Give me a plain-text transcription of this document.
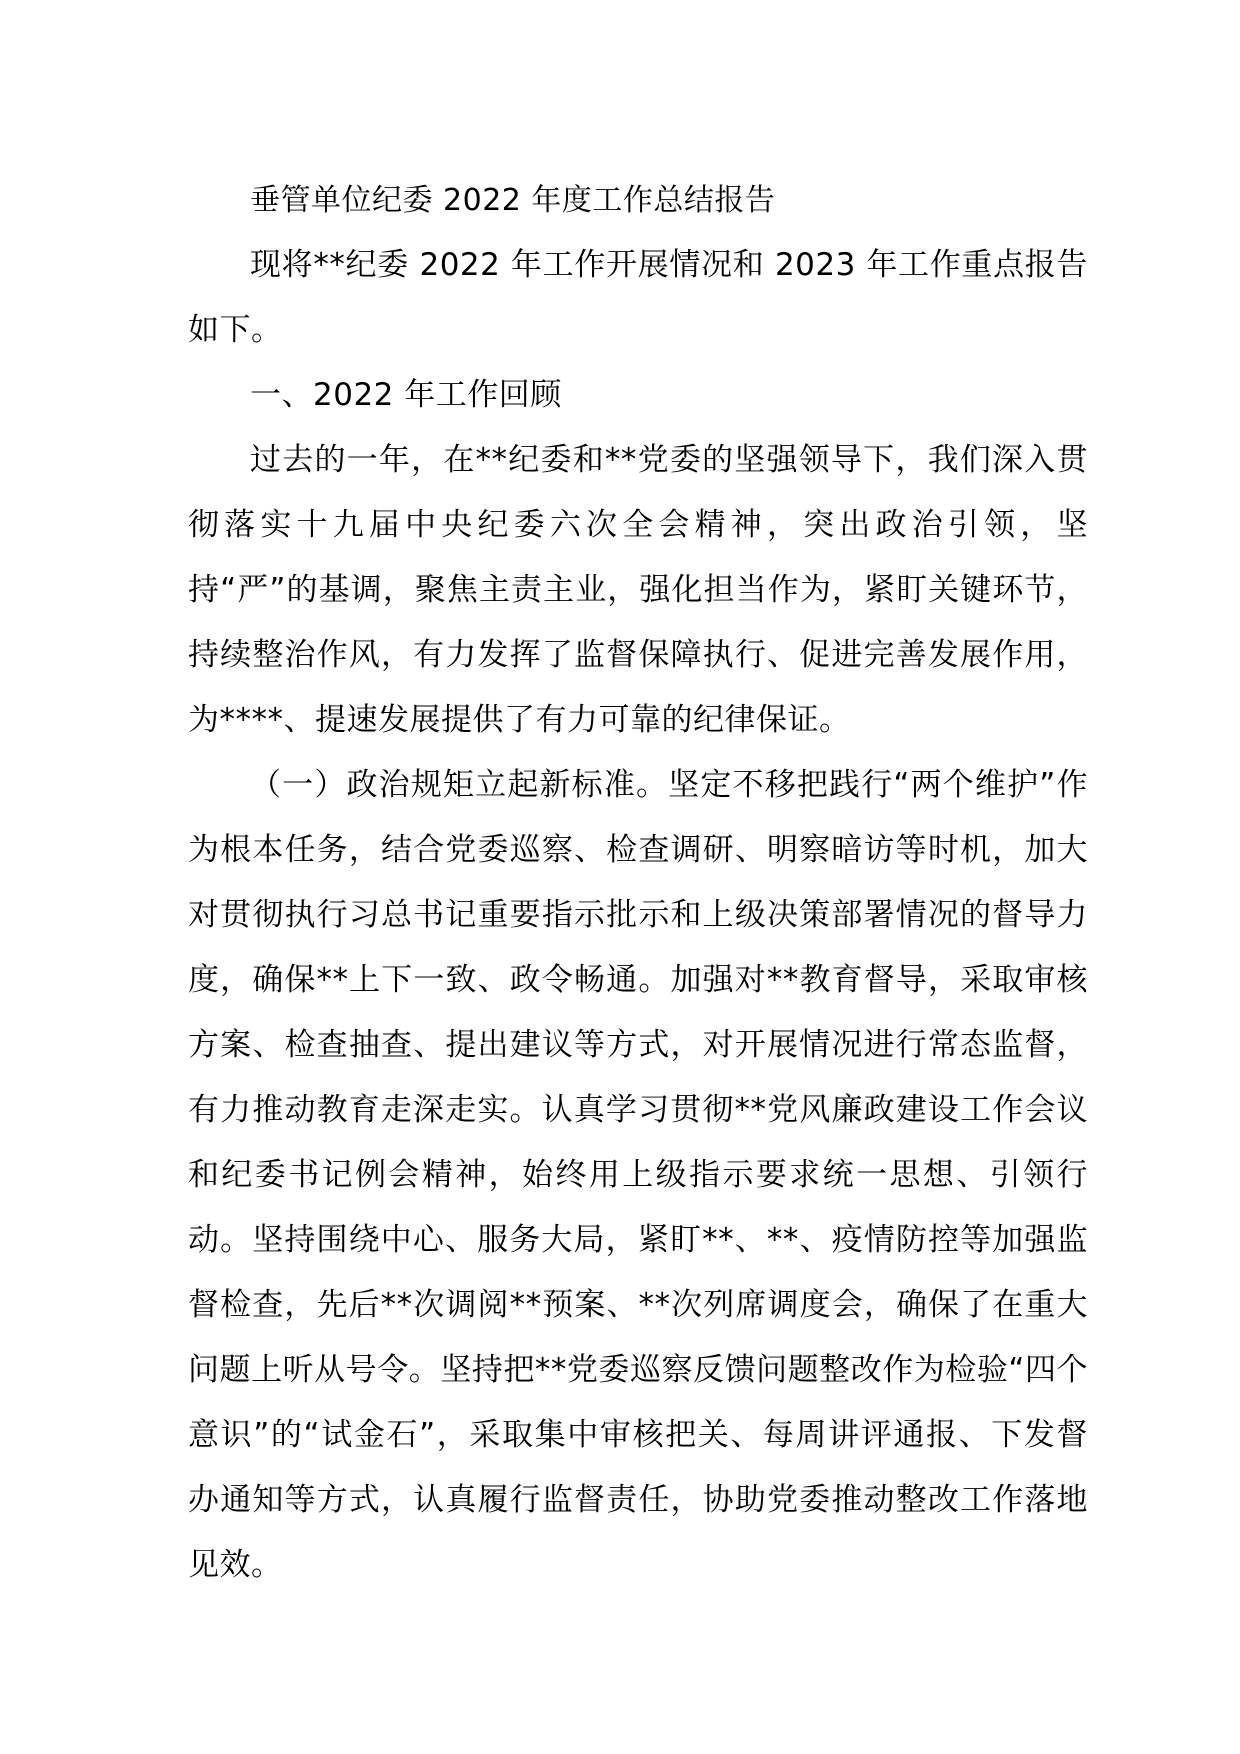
垂管单位纪委 2022 年度工作总结报告

现将**纪委 2022 年工作开展情况和 2023 年工作重点报告如下。

一、2022 年工作回顾

过去的一年，在**纪委和**党委的坚强领导下，我们深入贯彻落实十九届中央纪委六次全会精神，突出政治引领，坚持“严”的基调，聚焦主责主业，强化担当作为，紧盯关键环节，持续整治作风，有力发挥了监督保障执行、促进完善发展作用，为****、提速发展提供了有力可靠的纪律保证。

（一）政治规矩立起新标准。坚定不移把践行“两个维护”作为根本任务，结合党委巡察、检查调研、明察暗访等时机，加大对贯彻执行习总书记重要指示批示和上级决策部署情况的督导力度，确保**上下一致、政令畅通。加强对**教育督导，采取审核方案、检查抽查、提出建议等方式，对开展情况进行常态监督，有力推动教育走深走实。认真学习贯彻**党风廉政建设工作会议和纪委书记例会精神，始终用上级指示要求统一思想、引领行动。坚持围绕中心、服务大局，紧盯**、**、疫情防控等加强监督检查，先后**次调阅**预案、**次列席调度会，确保了在重大问题上听从号令。坚持把**党委巡察反馈问题整改作为检验“四个意识”的“试金石”，采取集中审核把关、每周讲评通报、下发督办通知等方式，认真履行监督责任，协助党委推动整改工作落地见效。
